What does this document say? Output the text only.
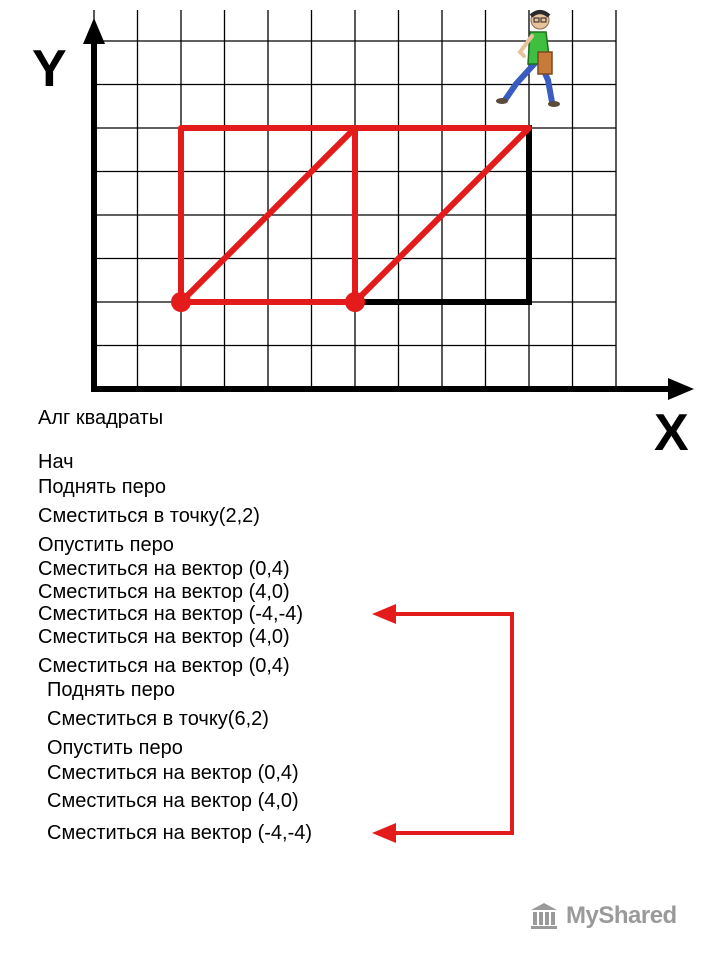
Y
X
Алг квадраты
Нач
Поднять перо
Сместиться в точку(2,2)
Опустить перо
Сместиться на вектор (0,4)
Сместиться на вектор (4,0)
Сместиться на вектор (-4,-4)
Сместиться на вектор (4,0)
Сместиться на вектор (0,4)
Поднять перо
Сместиться в точку(6,2)
Опустить перо
Сместиться на вектор (0,4)
Сместиться на вектор (4,0)
Сместиться на вектор (-4,-4)
MyShared
